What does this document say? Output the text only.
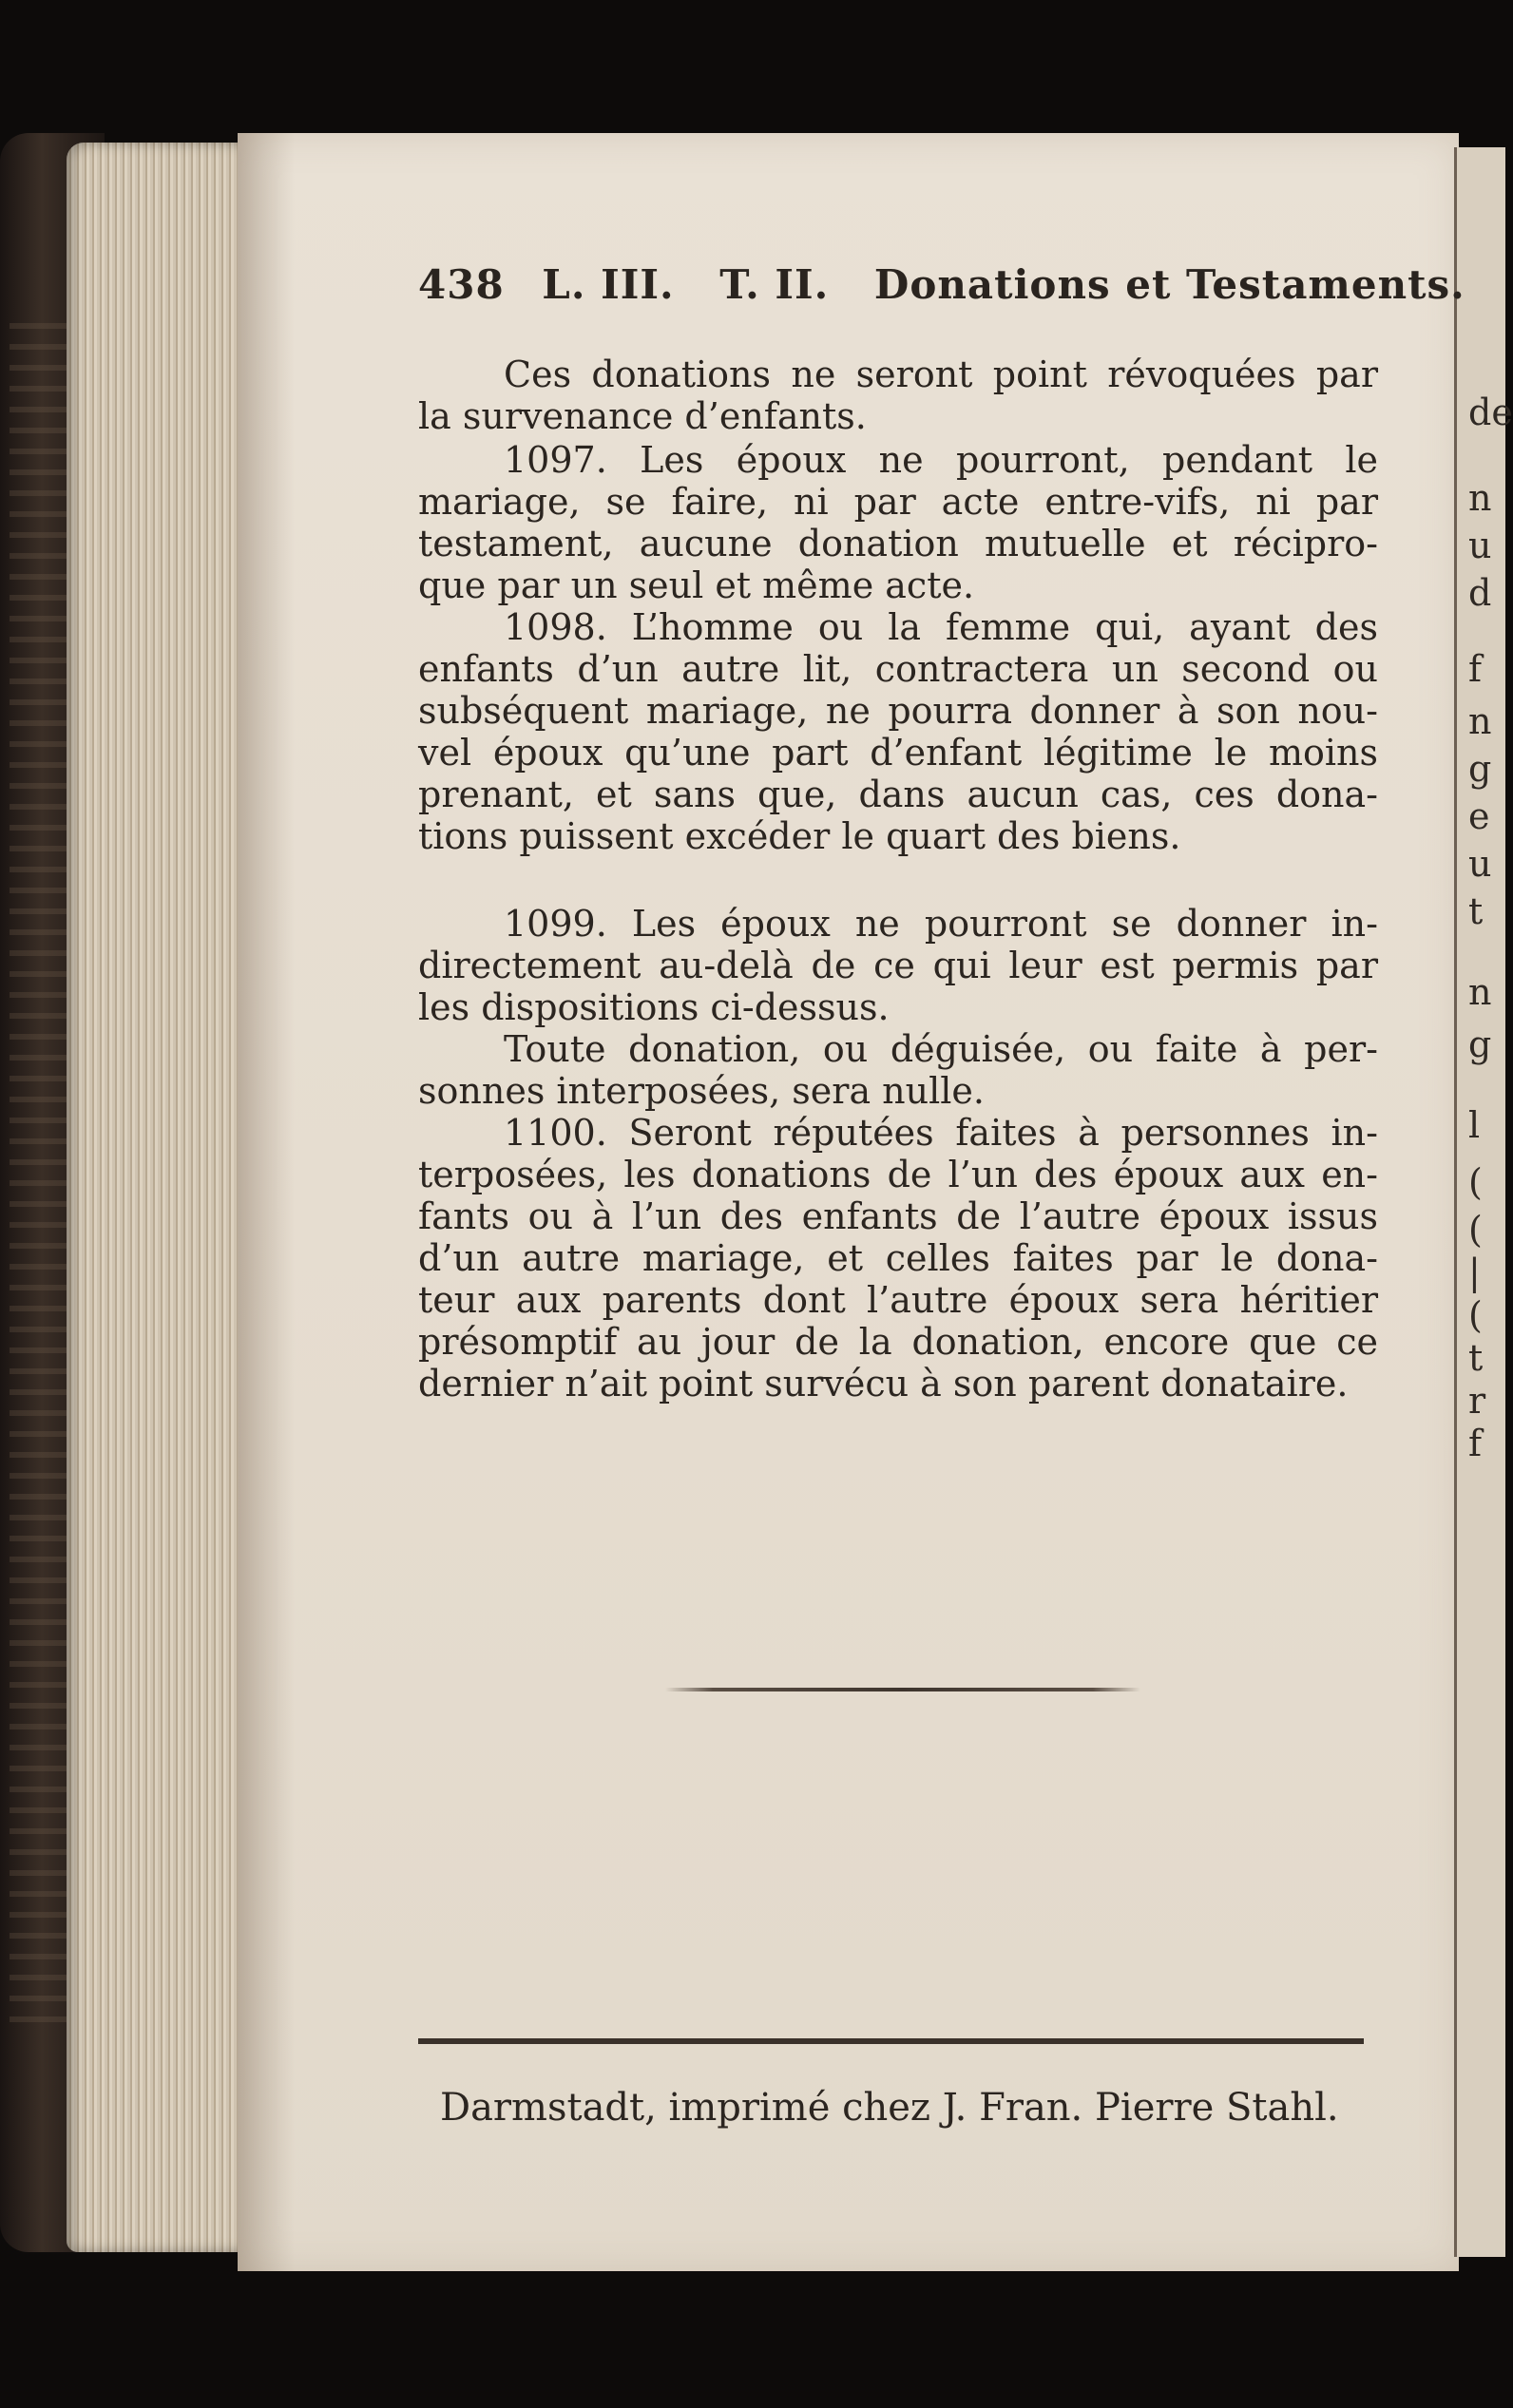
de
n
u
d
f
n
g
e
u
t
n
g
l
(
(
|
(
t
r
f
438 L. III. T. II. Donations et Testaments.
Ces donations ne seront point révoquées par
la survenance d’enfants.
1097. Les époux ne pourront, pendant le
mariage, se faire, ni par acte entre-vifs, ni par
testament, aucune donation mutuelle et récipro-
que par un seul et même acte.
1098. L’homme ou la femme qui, ayant des
enfants d’un autre lit, contractera un second ou
subséquent mariage, ne pourra donner à son nou-
vel époux qu’une part d’enfant légitime le moins
prenant, et sans que, dans aucun cas, ces dona-
tions puissent excéder le quart des biens.
1099. Les époux ne pourront se donner in-
directement au-delà de ce qui leur est permis par
les dispositions ci-dessus.
Toute donation, ou déguisée, ou faite à per-
sonnes interposées, sera nulle.
1100. Seront réputées faites à personnes in-
terposées, les donations de l’un des époux aux en-
fants ou à l’un des enfants de l’autre époux issus
d’un autre mariage, et celles faites par le dona-
teur aux parents dont l’autre époux sera héritier
présomptif au jour de la donation, encore que ce
dernier n’ait point survécu à son parent donataire.
Darmstadt, imprimé chez J. Fran. Pierre Stahl.
